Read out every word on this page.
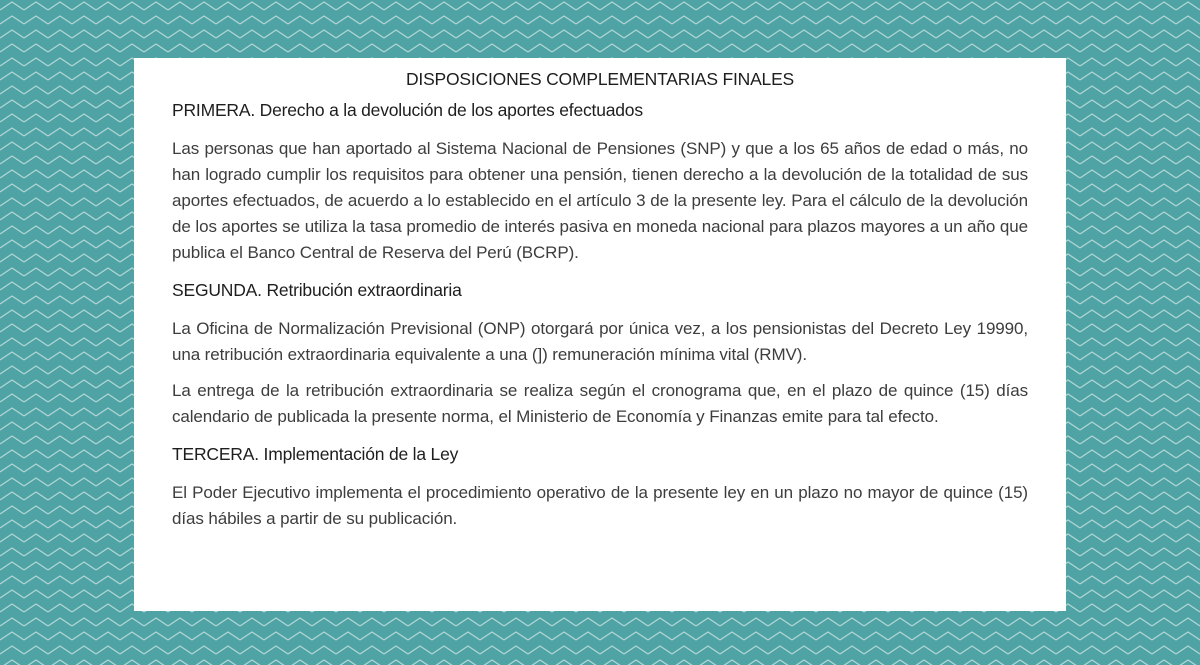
DISPOSICIONES COMPLEMENTARIAS FINALES
PRIMERA. Derecho a la devolución de los aportes efectuados

Las personas que han aportado al Sistema Nacional de Pensiones (SNP) y que a los 65 años de edad o más, no han logrado cumplir los requisitos para obtener una pensión, tienen derecho a la devolución de la totalidad de sus aportes efectuados, de acuerdo a lo establecido en el artículo 3 de la presente ley. Para el cálculo de la devolución de los aportes se utiliza la tasa promedio de interés pasiva en moneda nacional para plazos mayores a un año que publica el Banco Central de Reserva del Perú (BCRP).

SEGUNDA. Retribución extraordinaria

La Oficina de Normalización Previsional (ONP) otorgará por única vez, a los pensionistas del Decreto Ley 19990, una retribución extraordinaria equivalente a una (]) remuneración mínima vital (RMV).

La entrega de la retribución extraordinaria se realiza según el cronograma que, en el plazo de quince (15) días calendario de publicada la presente norma, el Ministerio de Economía y Finanzas emite para tal efecto.

TERCERA. Implementación de la Ley

El Poder Ejecutivo implementa el procedimiento operativo de la presente ley en un plazo no mayor de quince (15) días hábiles a partir de su publicación.
